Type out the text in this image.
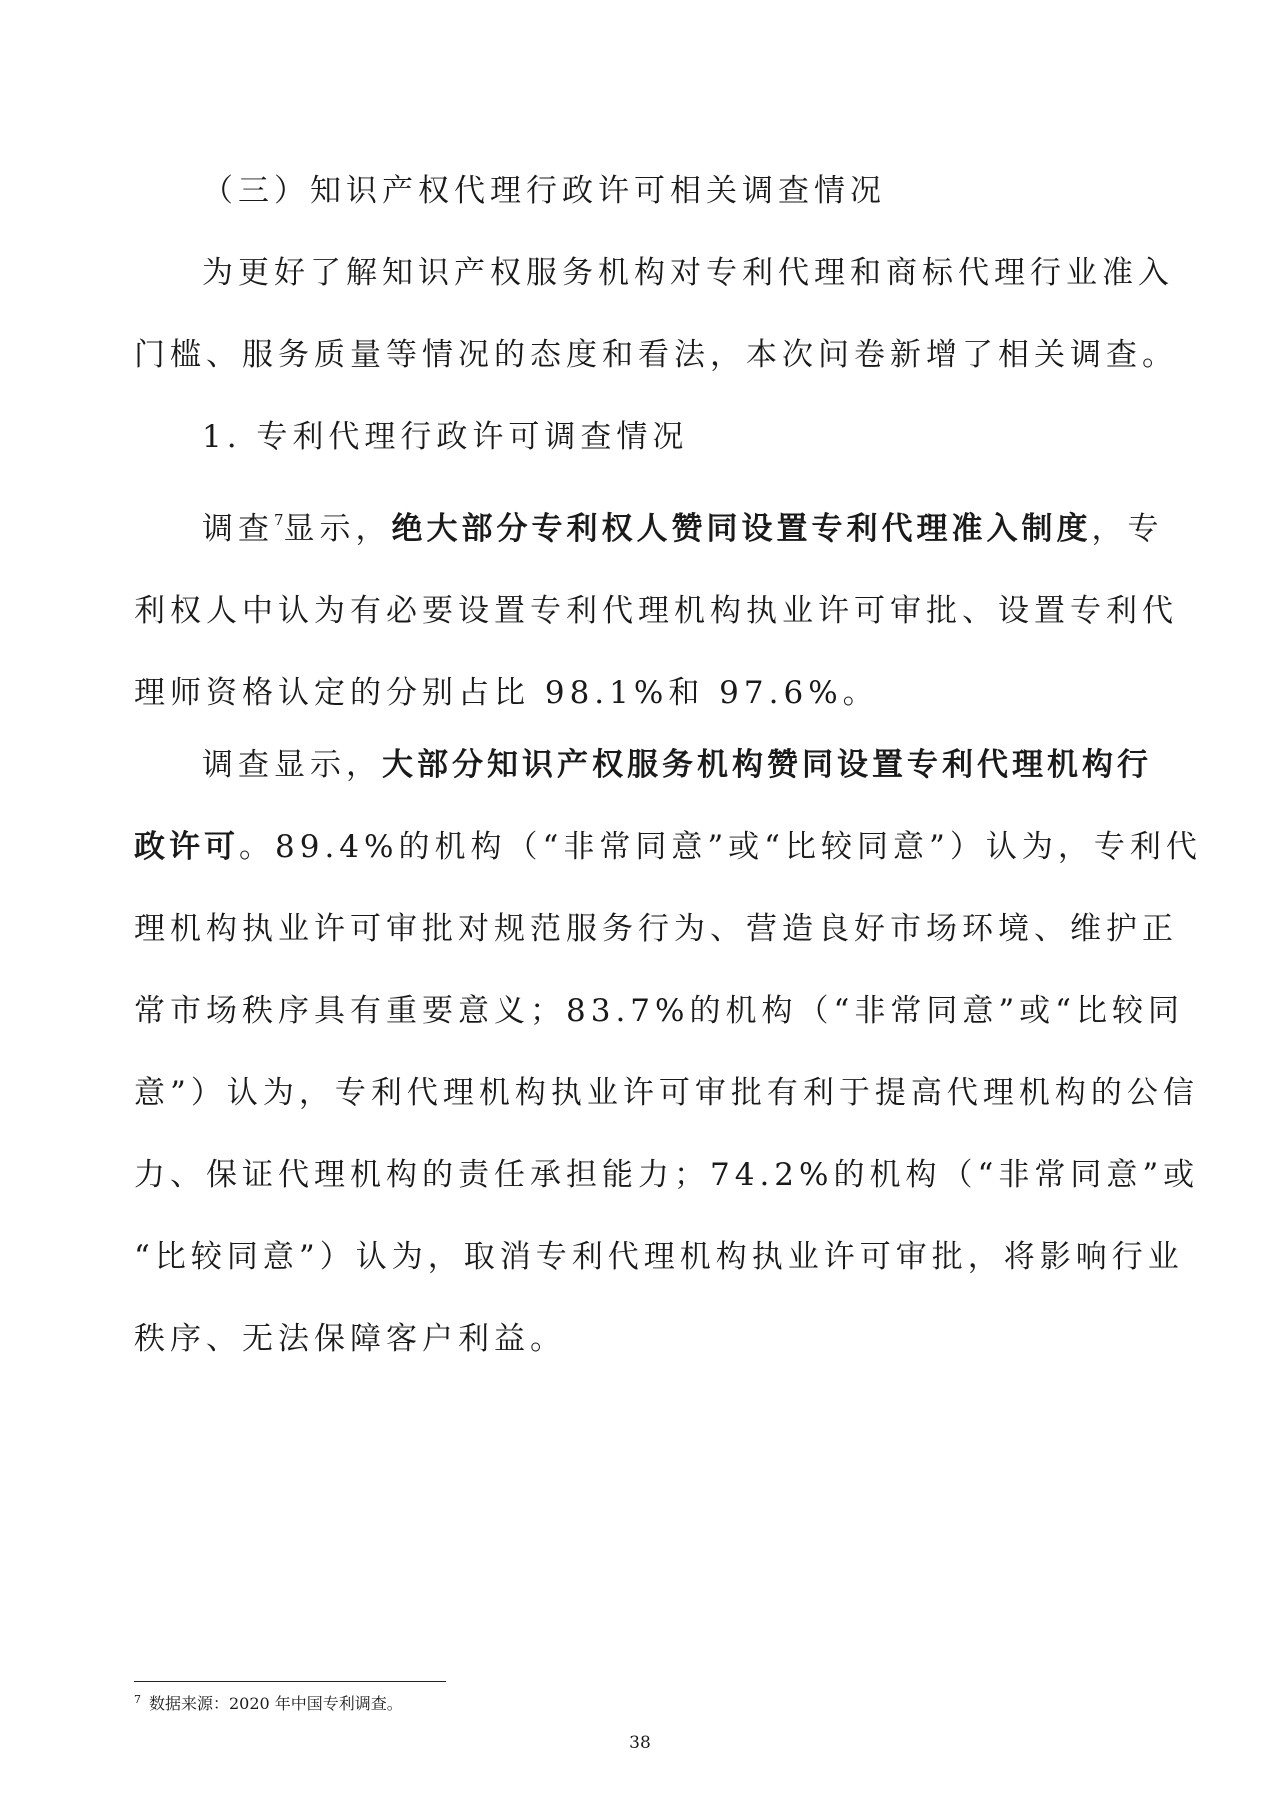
（三）知识产权代理行政许可相关调查情况

为更好了解知识产权服务机构对专利代理和商标代理行业准入

门槛、服务质量等情况的态度和看法，本次问卷新增了相关调查。

1. 专利代理行政许可调查情况

调查$^7$显示，绝大部分专利权人赞同设置专利代理准入制度，专

利权人中认为有必要设置专利代理机构执业许可审批、设置专利代

理师资格认定的分别占比 98.1%和 97.6%。

调查显示，大部分知识产权服务机构赞同设置专利代理机构行

政许可。89.4%的机构（“非常同意”或“比较同意”）认为，专利代

理机构执业许可审批对规范服务行为、营造良好市场环境、维护正

常市场秩序具有重要意义；83.7%的机构（“非常同意”或“比较同

意”）认为，专利代理机构执业许可审批有利于提高代理机构的公信

力、保证代理机构的责任承担能力；74.2%的机构（“非常同意”或

“比较同意”）认为，取消专利代理机构执业许可审批，将影响行业

秩序、无法保障客户利益。

$^7$ 数据来源：2020 年中国专利调查。
38
